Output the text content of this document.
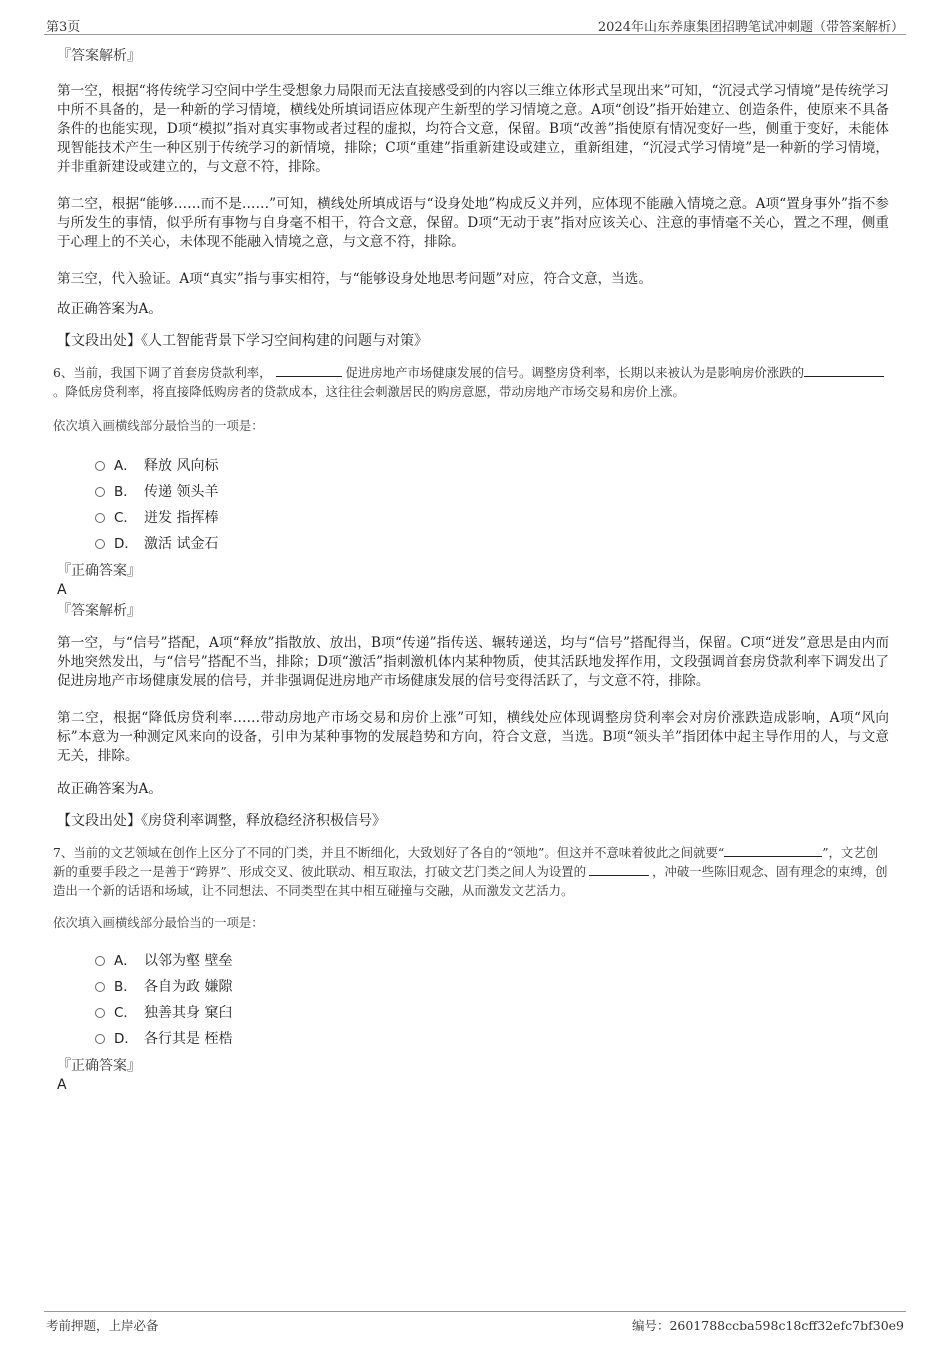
第3页	2024年山东养康集团招聘笔试冲刺题（带答案解析）
『答案解析』

第一空，根据“将传统学习空间中学生受想象力局限而无法直接感受到的内容以三维立体形式呈现出来”可知，“沉浸式学习情境”是传统学习中所不具备的，是一种新的学习情境，横线处所填词语应体现产生新型的学习情境之意。A项“创设”指开始建立、创造条件，使原来不具备条件的也能实现，D项“模拟”指对真实事物或者过程的虚拟，均符合文意，保留。B项“改善”指使原有情况变好一些，侧重于变好，未能体现智能技术产生一种区别于传统学习的新情境，排除；C项“重建”指重新建设或建立，重新组建，“沉浸式学习情境”是一种新的学习情境，并非重新建设或建立的，与文意不符，排除。

第二空，根据“能够……而不是……”可知，横线处所填成语与“设身处地”构成反义并列，应体现不能融入情境之意。A项“置身事外”指不参与所发生的事情，似乎所有事物与自身毫不相干，符合文意，保留。D项“无动于衷”指对应该关心、注意的事情毫不关心，置之不理，侧重于心理上的不关心，未体现不能融入情境之意，与文意不符，排除。

第三空，代入验证。A项“真实”指与事实相符，与“能够设身处地思考问题”对应，符合文意，当选。

故正确答案为A。

【文段出处】《人工智能背景下学习空间构建的问题与对策》

6、当前，我国下调了首套房贷款利率，	促进房地产市场健康发展的信号。调整房贷利率，长期以来被认为是影响房价涨跌的。降低房贷利率，将直接降低购房者的贷款成本，这往往会刺激居民的购房意愿，带动房地产市场交易和房价上涨。

依次填入画横线部分最恰当的一项是：
A． 释放 风向标
B． 传递 领头羊
C． 迸发 指挥棒
D． 激活 试金石
『正确答案』
A
『答案解析』

第一空，与“信号”搭配，A项“释放”指散放、放出，B项“传递”指传送、辗转递送，均与“信号”搭配得当，保留。C项“迸发”意思是由内而外地突然发出，与“信号”搭配不当，排除；D项“激活”指刺激机体内某种物质，使其活跃地发挥作用，文段强调首套房贷款利率下调发出了促进房地产市场健康发展的信号，并非强调促进房地产市场健康发展的信号变得活跃了，与文意不符，排除。

第二空，根据“降低房贷利率……带动房地产市场交易和房价上涨”可知，横线处应体现调整房贷利率会对房价涨跌造成影响，A项“风向标”本意为一种测定风来向的设备，引申为某种事物的发展趋势和方向，符合文意，当选。B项“领头羊”指团体中起主导作用的人，与文意无关，排除。

故正确答案为A。

【文段出处】《房贷利率调整，释放稳经济积极信号》

7、当前的文艺领域在创作上区分了不同的门类，并且不断细化，大致划好了各自的“领地”。但这并不意味着彼此之间就要“	”，文艺创新的重要手段之一是善于“跨界”、形成交叉、彼此联动、相互取法，打破文艺门类之间人为设置的	，冲破一些陈旧观念、固有理念的束缚，创造出一个新的话语和场域，让不同想法、不同类型在其中相互碰撞与交融，从而激发文艺活力。

依次填入画横线部分最恰当的一项是：
A． 以邻为壑 壁垒
B． 各自为政 嫌隙
C． 独善其身 窠臼
D． 各行其是 桎梏
『正确答案』
A
考前押题，上岸必备	编号：2601788ccba598c18cff32efc7bf30e9
